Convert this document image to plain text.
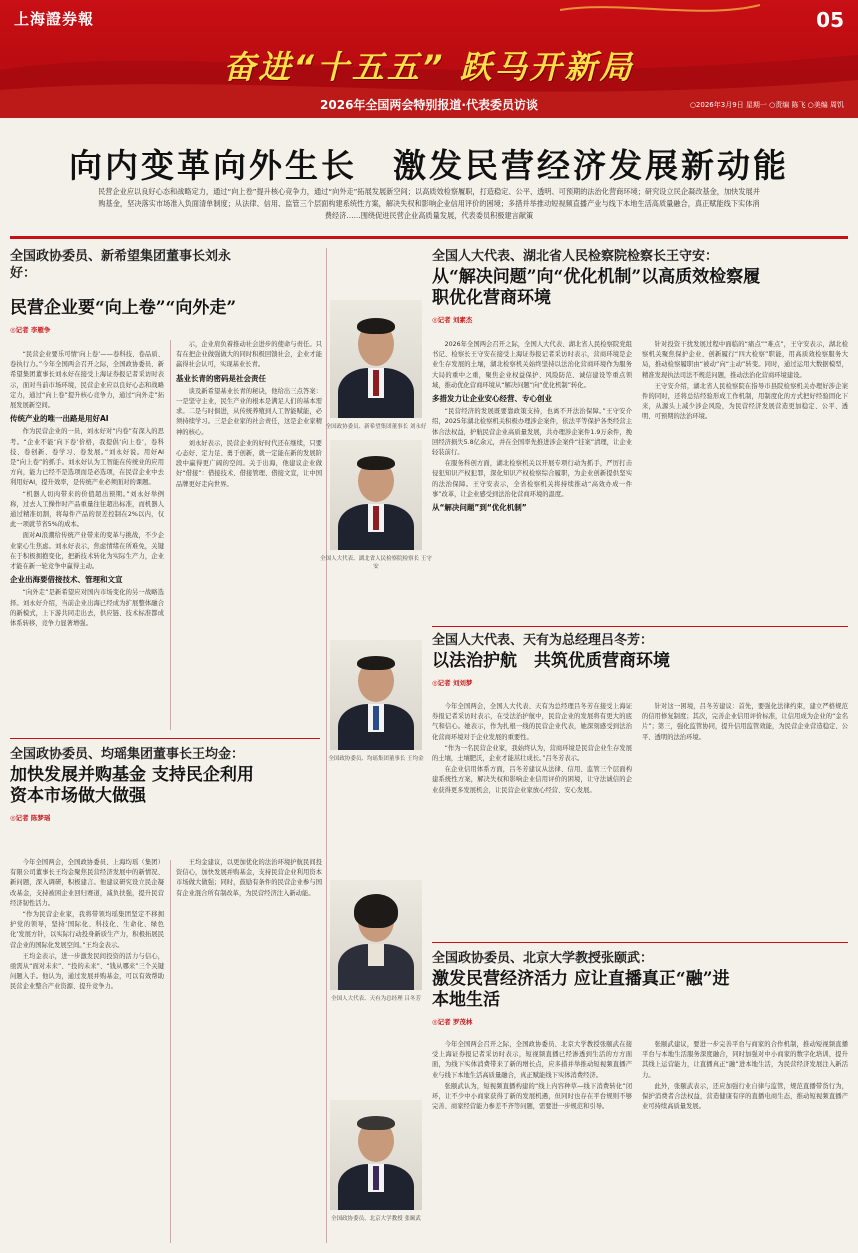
上海證券報	05
奋进“十五五” 跃马开新局
2026年全国两会特别报道·代表委员访谈	○2026年3月9日 星期一 ○责编 陈飞 ○美编 周饥
向内变革向外生长　激发民营经济发展新动能
民营企业应以良好心态和战略定力，通过“向上卷”提升核心竞争力，通过“向外走”拓展发展新空间；以高质效检察履职，打造稳定、公平、透明、可预期的法治化营商环境；研究设立民企凝改基金，加快发展并购基金，坚决落实市场准入负面清单制度；从法律、信用、监管三个层面构建系统性方案，解决失权和影响企业信用评价的困境；多措并举推动短视频直播产业与线下本地生活高质量融合，真正赋能线下实体消费经济……围绕促进民营企业高质量发展，代表委员积极建言献策
全国政协委员、新希望集团董事长刘永好：
民营企业要“向上卷”“向外走”
◎记者 李雁争

“民营企业要乐可情‘向上卷’——卷科技、卷品质、卷执行力。”今年全国两会召开之际，全国政协委员、新希望集团董事长刘永好在接受上海证券报记者采访时表示，面对当前市场环境，民营企业应以良好心态和战略定力，通过“向上卷”提升核心竞争力，通过“向外走”拓展发展新空间。

传统产业的唯一出路是用好AI

作为民营企业的一员，刘永好对“内卷”有深入的思考。“企业不能‘向下卷’价格，我提倡‘向上卷’，卷科技、卷创新、卷学习、卷发展。”刘永好说。用好AI是“向上卷”的抓手。刘永好认为工智能在传统业的应用方向，能力已经不是选项而是必选项，在民营企业中去利用好AI，提升效率，是传统产业必须面对的课题。

“机器人切肉带来的价值超出预期。”刘永好举例称，过去人工操作时产品重量往往超出标准，而机器人通过精准切割，将每件产品的误差控制在2%以内，仅此一项就节省5%的成本。

面对AI浪潮给传统产业带来的变革与挑战，不少企业家心生焦虑。刘永好表示，焦虑情绪在所难免，关键在于积极拥抱变化，把新技术转化为实际生产力，企业才能在新一轮竞争中赢得主动。

企业出海要借接技术、管理和文宣

“向外走”是新希望应对国内市场变化的另一战略选择。刘永好介绍，当前企业出海已经成为扩展整体融合的新模式，上下游共同走出去，供应链、技术标准都成体系转移，竞争力显著增强。

示，企业肩负着推动社会进步的使命与责任。只有在把企业做强做大的同时积极回馈社会，企业才能赢得社会认可，实现基业长青。

基业长青的密码是社会责任

谈及新希望基业长青的秘诀，他给出三点答案：一是坚守主业，民生产业的根本是满足人们的基本需求。二是与时俱进，从传统养殖到人工智能赋能，必须持续学习。三是企业家的社会责任，这是企业家精神的核心。

刘永好表示，民营企业的好时代还在继续，只要心态好、定力足、勇于创新，就一定能在新的发展阶段中赢得更广阔的空间。关于出海，他建议企业做好“借接”：借接技术、借接管理、借接文宣，让中国品牌更好走向世界。

全国政协委员、新希望集团董事长 刘永好
全国政协委员、均瑶集团董事长王均金：
加快发展并购基金 支持民企利用资本市场做大做强
◎记者 陈梦瑶

今年全国两会，全国政协委员、上海均瑶（集团）有限公司董事长王均金聚焦民营经济发展中的新情况、新问题，深入调研，积极建言。他建议研究设立民企凝改基金，支持被困企业回归赛道，减负扶强，提升民营经济韧性活力。

“作为民营企业家，我将带领均瑶集团坚定不移拥护党的领导，坚持‘国际化、科技化、生命化、绿色化’发展方针，以实际行动投身新质生产力，积极拓展民营企业的国际化发展空间。”王均金表示。

王均金表示，进一步激发民间投资的活力与信心，亟需从“面对未来”、“投的未来”、“钱从哪来”三个关键问题入手。他认为，通过发展并购基金，可以有效帮助民营企业整合产业资源、提升竞争力。

王均金建议，以更加优化的法治环境护航民间投资信心，加快发展并购基金，支持民营企业利用资本市场做大做强；同时，鼓励有条件的民营企业参与国有企业混合所有制改革，为民营经济注入新动能。

全国人大代表、湖北省人民检察院检察长 王守安
全国政协委员、均瑶集团董事长 王均金
全国人大代表、天有为总经理 吕冬芳
全国政协委员、北京大学教授 张颐武
全国人大代表、湖北省人民检察院检察长王守安：
从“解决问题”向“优化机制”以高质效检察履职优化营商环境
◎记者 刘素杰

2026年全国两会召开之际，全国人大代表、湖北省人民检察院党组书记、检察长王守安在接受上海证券报记者采访时表示，营商环境是企业生存发展的土壤，湖北检察机关始终坚持以法治化营商环境作为服务大局的重中之重，聚焦企业权益保护、风险防范、诚信建设等重点领域，推动优化营商环境从“解决问题”向“优化机制”转化。

多措发力让企业安心经营、专心创业

“民营经济的发展既要靠政策支持，也离不开法治保障。”王守安介绍，2025年湖北检察机关积极办理涉企案件，依法平等保护各类经营主体合法权益，护航民营企业高质量发展，共办理涉企案件1.9万余件，挽回经济损失5.8亿余元，并在全国率先推进涉企案件“挂案”清理，让企业轻装前行。

在服务科创方面，湖北检察机关以开展专项行动为抓手，严厉打击侵犯知识产权犯罪，深化知识产权检察综合履职，为企业创新提供坚实的法治保障。王守安表示，全省检察机关将持续推动“高效办成一件事”改革，让企业感受到法治化营商环境的温度。

从“解决问题”到“优化机制”

针对投资干扰发展过程中面临的“痛点”“难点”，王守安表示，湖北检察机关聚焦保护企业、创新履行“四大检察”职能，用高质效检察服务大局，推动检察履职由“被动”向“主动”转变。同时，通过运用大数据模型，精准发现执法司法不规范问题，推动法治化营商环境建设。

王守安介绍，湖北省人民检察院在指导市县院检察机关办理好涉企案件的同时，还将总结经验形成工作机制，用制度化的方式把好经验固化下来，从源头上减少涉企风险，为民营经济发展营造更加稳定、公平、透明、可预期的法治环境。

全国人大代表、天有为总经理吕冬芳：
以法治护航　共筑优质营商环境
◎记者 刘刘梦

今年全国两会，全国人大代表、天有为总经理吕冬芳在接受上海证券报记者采访时表示，在受法治护航中，民营企业的发展将有更大的底气和信心。她表示，作为扎根一线的民营企业代表，她深刻感受到法治化营商环境对于企业发展的重要性。

“作为一名民营企业家，我始终认为，营商环境是民营企业生存发展的土壤，土壤肥沃，企业才能茁壮成长。”吕冬芳表示。

在企业信用体系方面，吕冬芳建议从法律、信用、监管三个层面构建系统性方案，解决失权和影响企业信用评价的困境，让守法诚信的企业获得更多发展机会，让民营企业家放心经营、安心发展。

针对这一困境，吕冬芳建议：首先，要强化法律约束，建立严格规范的信用修复制度；其次，完善企业信用评价标准，让信用成为企业的“金名片”；第三，强化监管协同，提升信用监管效能，为民营企业营造稳定、公平、透明的法治环境。

全国政协委员、北京大学教授张颐武：
激发民营经济活力 应让直播真正“融”进本地生活
◎记者 罗茂林

今年全国两会召开之际，全国政协委员、北京大学教授张颐武在接受上海证券报记者采访时表示，短视频直播已经渗透到生活的方方面面，为线下实体消费带来了新的增长点，应多措并举推动短视频直播产业与线下本地生活高质量融合，真正赋能线下实体消费经济。

张颐武认为，短视频直播构建的“线上内容种草—线下消费转化”闭环，让不少中小商家获得了新的发展机遇，但同时也存在平台规则不够完善、商家经营能力参差不齐等问题，需要进一步规范和引导。

张颐武建议，要进一步完善平台与商家的合作机制，推动短视频直播平台与本地生活服务深度融合，同时加强对中小商家的数字化培训，提升其线上运营能力，让直播真正“融”进本地生活，为民营经济发展注入新活力。

此外，张颐武表示，还应加强行业自律与监管，规范直播带货行为，保护消费者合法权益，营造健康有序的直播电商生态，推动短视频直播产业可持续高质量发展。
